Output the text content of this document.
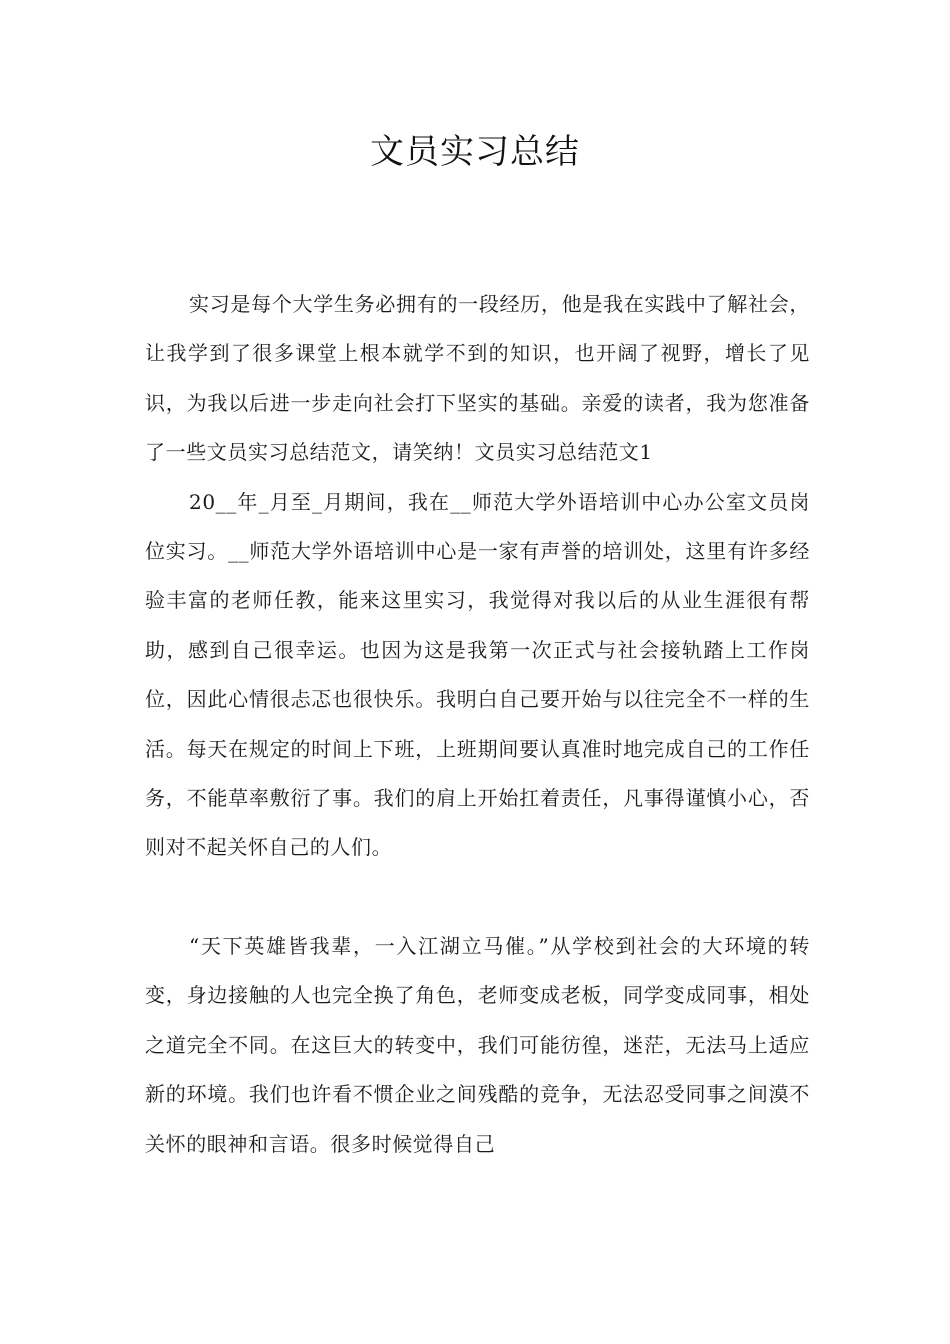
文员实习总结

实习是每个大学生务必拥有的一段经历，他是我在实践中了解社会，让我学到了很多课堂上根本就学不到的知识，也开阔了视野，增长了见识，为我以后进一步走向社会打下坚实的基础。亲爱的读者，我为您准备了一些文员实习总结范文，请笑纳！文员实习总结范文1

20__年_月至_月期间，我在__师范大学外语培训中心办公室文员岗位实习。__师范大学外语培训中心是一家有声誉的培训处，这里有许多经验丰富的老师任教，能来这里实习，我觉得对我以后的从业生涯很有帮助，感到自己很幸运。也因为这是我第一次正式与社会接轨踏上工作岗位，因此心情很忐忑也很快乐。我明白自己要开始与以往完全不一样的生活。每天在规定的时间上下班，上班期间要认真准时地完成自己的工作任务，不能草率敷衍了事。我们的肩上开始扛着责任，凡事得谨慎小心，否则对不起关怀自己的人们。

“天下英雄皆我辈，一入江湖立马催。”从学校到社会的大环境的转变，身边接触的人也完全换了角色，老师变成老板，同学变成同事，相处之道完全不同。在这巨大的转变中，我们可能彷徨，迷茫，无法马上适应新的环境。我们也许看不惯企业之间残酷的竞争，无法忍受同事之间漠不关怀的眼神和言语。很多时候觉得自己
